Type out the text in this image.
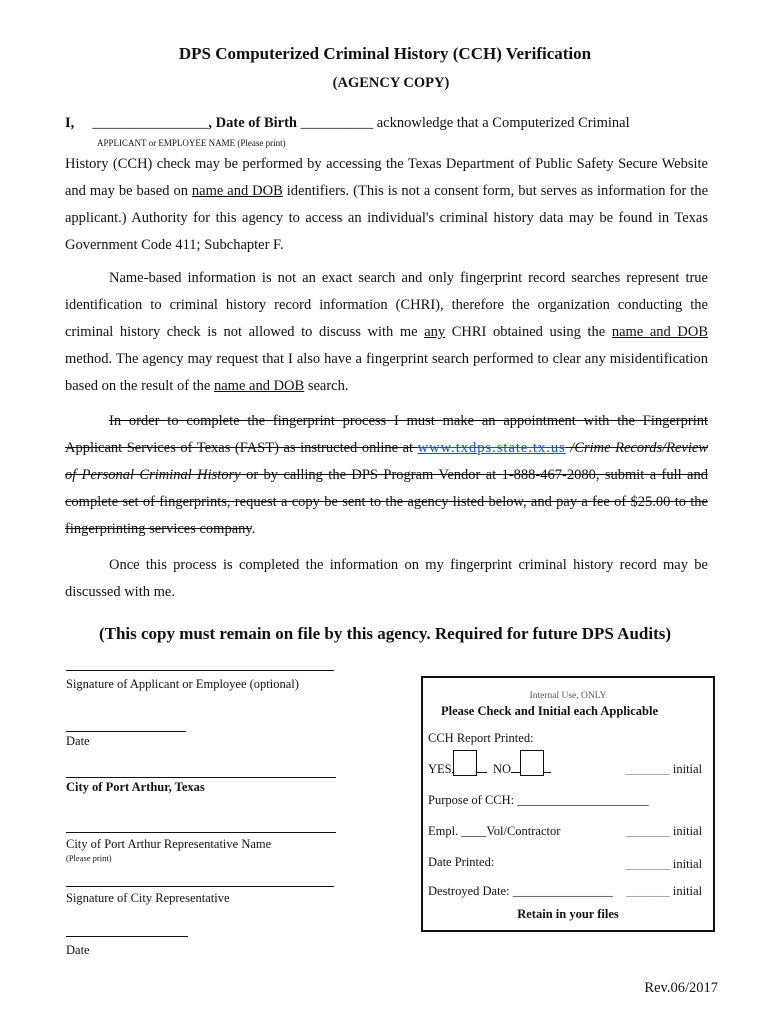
DPS Computerized Criminal History (CCH) Verification
(AGENCY COPY)
I, ________________, Date of Birth __________ acknowledge that a Computerized Criminal
APPLICANT or EMPLOYEE NAME (Please print)
History (CCH) check may be performed by accessing the Texas Department of Public Safety Secure Website and may be based on name and DOB identifiers. (This is not a consent form, but serves as information for the applicant.) Authority for this agency to access an individual's criminal history data may be found in Texas Government Code 411; Subchapter F.
Name-based information is not an exact search and only fingerprint record searches represent true identification to criminal history record information (CHRI), therefore the organization conducting the criminal history check is not allowed to discuss with me any CHRI obtained using the name and DOB method. The agency may request that I also have a fingerprint search performed to clear any misidentification based on the result of the name and DOB search.
In order to complete the fingerprint process I must make an appointment with the Fingerprint Applicant Services of Texas (FAST) as instructed online at www.txdps.state.tx.us /Crime Records/Review of Personal Criminal History or by calling the DPS Program Vendor at 1-888-467-2080, submit a full and complete set of fingerprints, request a copy be sent to the agency listed below, and pay a fee of $25.00 to the fingerprinting services company.
Once this process is completed the information on my fingerprint criminal history record may be discussed with me.
(This copy must remain on file by this agency. Required for future DPS Audits)
Signature of Applicant or Employee (optional)
Date
City of Port Arthur, Texas
City of Port Arthur Representative Name
(Please print)
Signature of City Representative
Date
Internal Use, ONLY
Please Check and Initial each Applicable
CCH Report Printed:
YES	NO	_______ initial
Purpose of CCH: _____________________
Empl. ____Vol/Contractor	_______ initial
Date Printed:	_______ initial
Destroyed Date: ________________ _______ initial
Retain in your files
Rev.06/2017
